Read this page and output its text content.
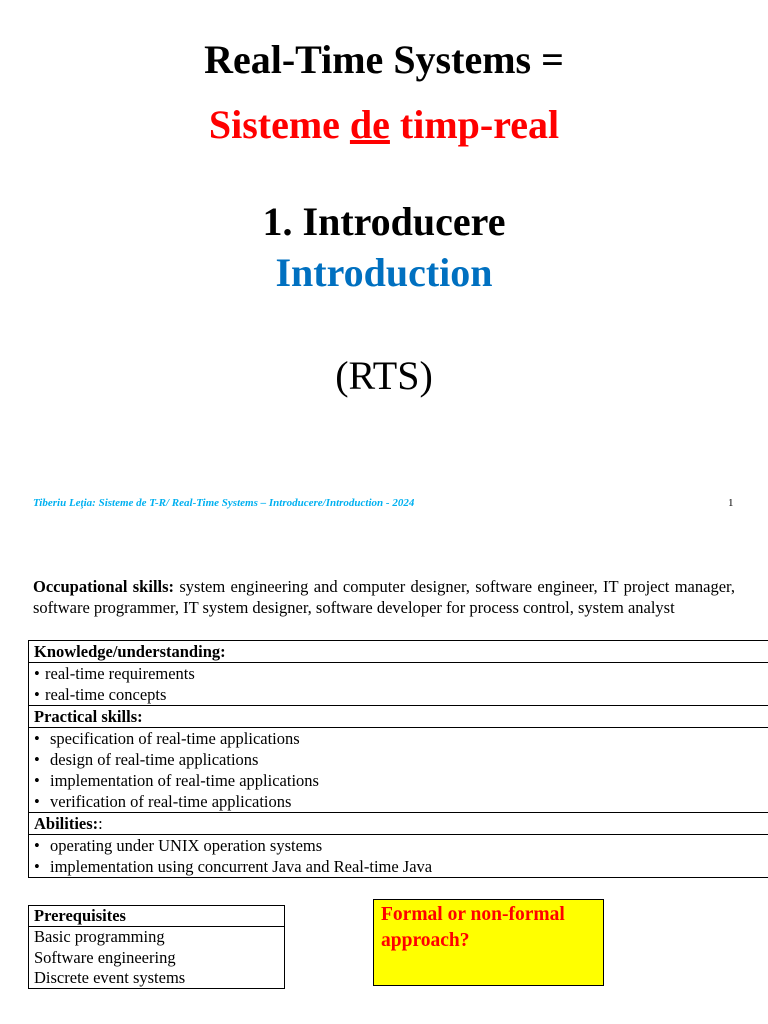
Real-Time Systems =
Sisteme de timp-real
1. Introducere
Introduction
(RTS)
Tiberiu Leţia: Sisteme de T-R/ Real-Time Systems – Introducere/Introduction - 2024	1
Occupational skills: system engineering and computer designer, software engineer, IT project manager, software programmer, IT system designer, software developer for process control, system analyst
Knowledge/understanding:
• real-time requirements
• real-time concepts
Practical skills:
• specification of real-time applications
• design of real-time applications
• implementation of real-time applications
• verification of real-time applications
Abilities::
• operating under UNIX operation systems
• implementation using concurrent Java and Real-time Java
Prerequisites
Basic programming
Software engineering
Discrete event systems
Formal or non-formal approach?
